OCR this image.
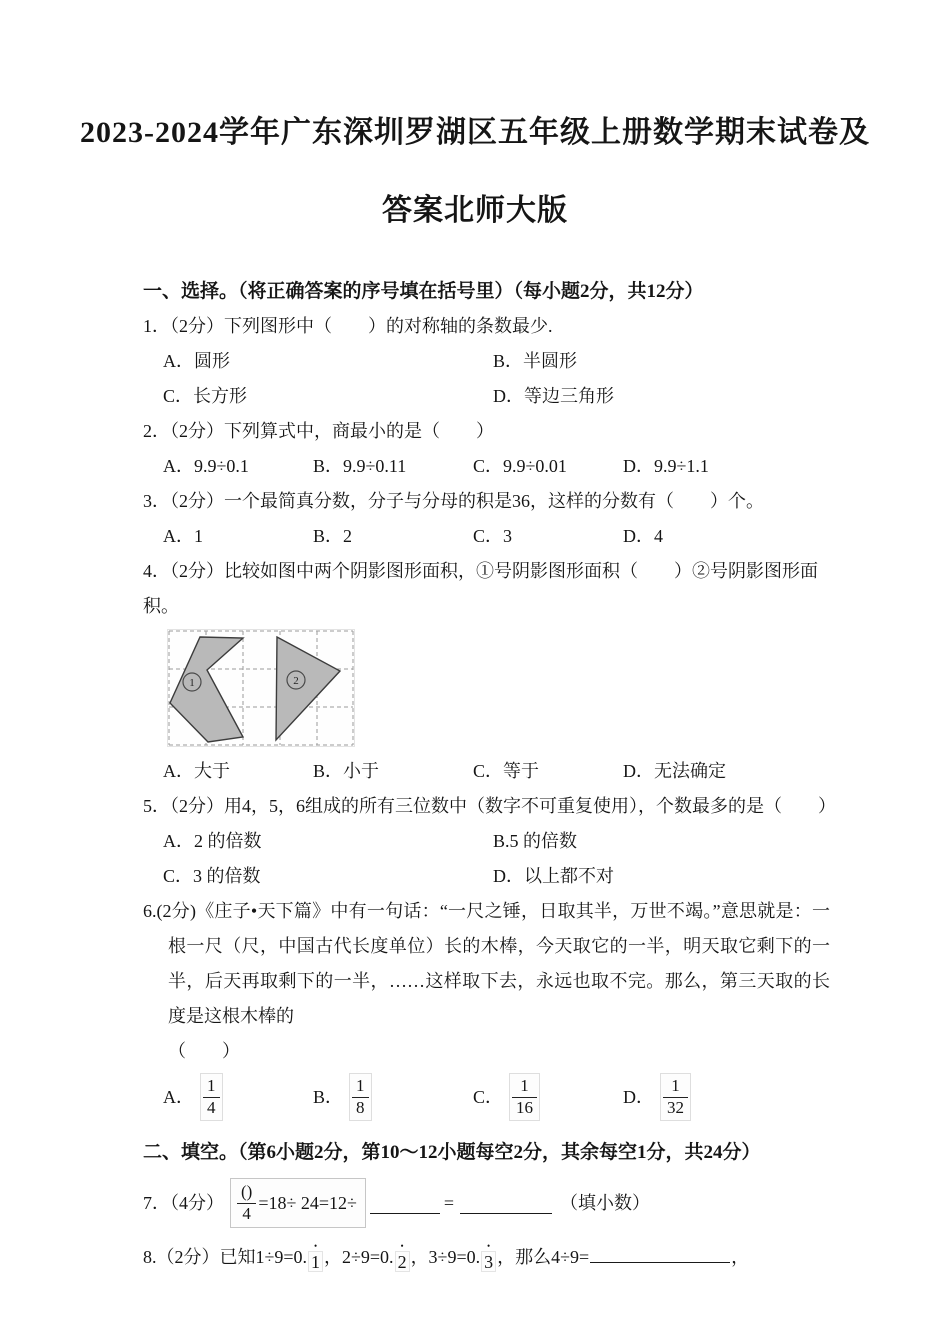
2023-2024学年广东深圳罗湖区五年级上册数学期末试卷及
答案北师大版
一、选择。（将正确答案的序号填在括号里）（每小题2分，共12分）
1．（2分）下列图形中（　　）的对称轴的条数最少.
A．圆形	B．半圆形
C．长方形	D．等边三角形
2．（2分）下列算式中，商最小的是（　　）
A．9.9÷0.1	B．9.9÷0.11	C．9.9÷0.01	D．9.9÷1.1
3．（2分）一个最简真分数，分子与分母的积是36，这样的分数有（　　）个。
A．1	B．2	C．3	D．4
4．（2分）比较如图中两个阴影图形面积，①号阴影图形面积（　　）②号阴影图形面积。
1	2
A．大于	B．小于	C．等于	D．无法确定
5．（2分）用4，5，6组成的所有三位数中（数字不可重复使用），个数最多的是（　　）
A．2 的倍数	B.5 的倍数
C．3 的倍数	D．以上都不对
6.(2分)《庄子•天下篇》中有一句话：“一尺之锤，日取其半，万世不竭。”意思就是：一根一尺（尺，中国古代长度单位）长的木棒，今天取它的一半，明天取它剩下的一半，后天再取剩下的一半，……这样取下去，永远也取不完。那么，第三天取的长度是这根木棒的
（　　）
A． $\frac{1}{4}$	B． $\frac{1}{8}$	C． $\frac{1}{16}$	D． $\frac{1}{32}$
二、填空。（第6小题2分，第10～12小题每空2分，其余每空1分，共24分）
7．（4分） $\frac{()}{4} =18\div 24=12\div$	=	（填小数）
8.（2分）已知1÷9=0. • 1 ，2÷9=0. • 2 ，3÷9=0. • 3 ，那么4÷9=	，
